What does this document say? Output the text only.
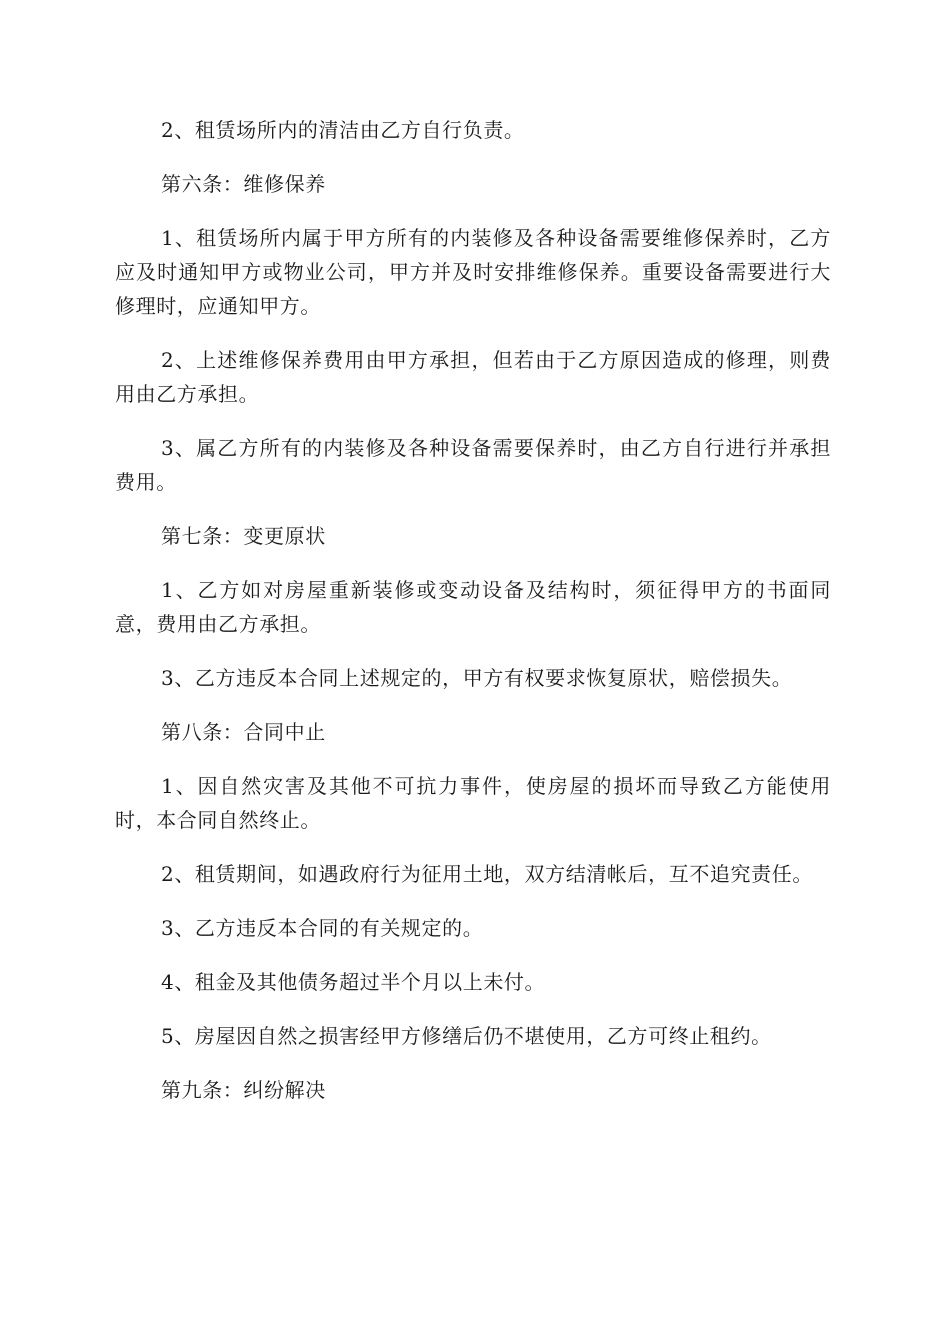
2、租赁场所内的清洁由乙方自行负责。

第六条：维修保养

1、租赁场所内属于甲方所有的内装修及各种设备需要维修保养时，乙方应及时通知甲方或物业公司，甲方并及时安排维修保养。重要设备需要进行大修理时，应通知甲方。

2、上述维修保养费用由甲方承担，但若由于乙方原因造成的修理，则费用由乙方承担。

3、属乙方所有的内装修及各种设备需要保养时，由乙方自行进行并承担费用。

第七条：变更原状

1、乙方如对房屋重新装修或变动设备及结构时，须征得甲方的书面同意，费用由乙方承担。

3、乙方违反本合同上述规定的，甲方有权要求恢复原状，赔偿损失。

第八条：合同中止

1、因自然灾害及其他不可抗力事件，使房屋的损坏而导致乙方能使用时，本合同自然终止。

2、租赁期间，如遇政府行为征用土地，双方结清帐后，互不追究责任。

3、乙方违反本合同的有关规定的。

4、租金及其他债务超过半个月以上未付。

5、房屋因自然之损害经甲方修缮后仍不堪使用，乙方可终止租约。

第九条：纠纷解决
